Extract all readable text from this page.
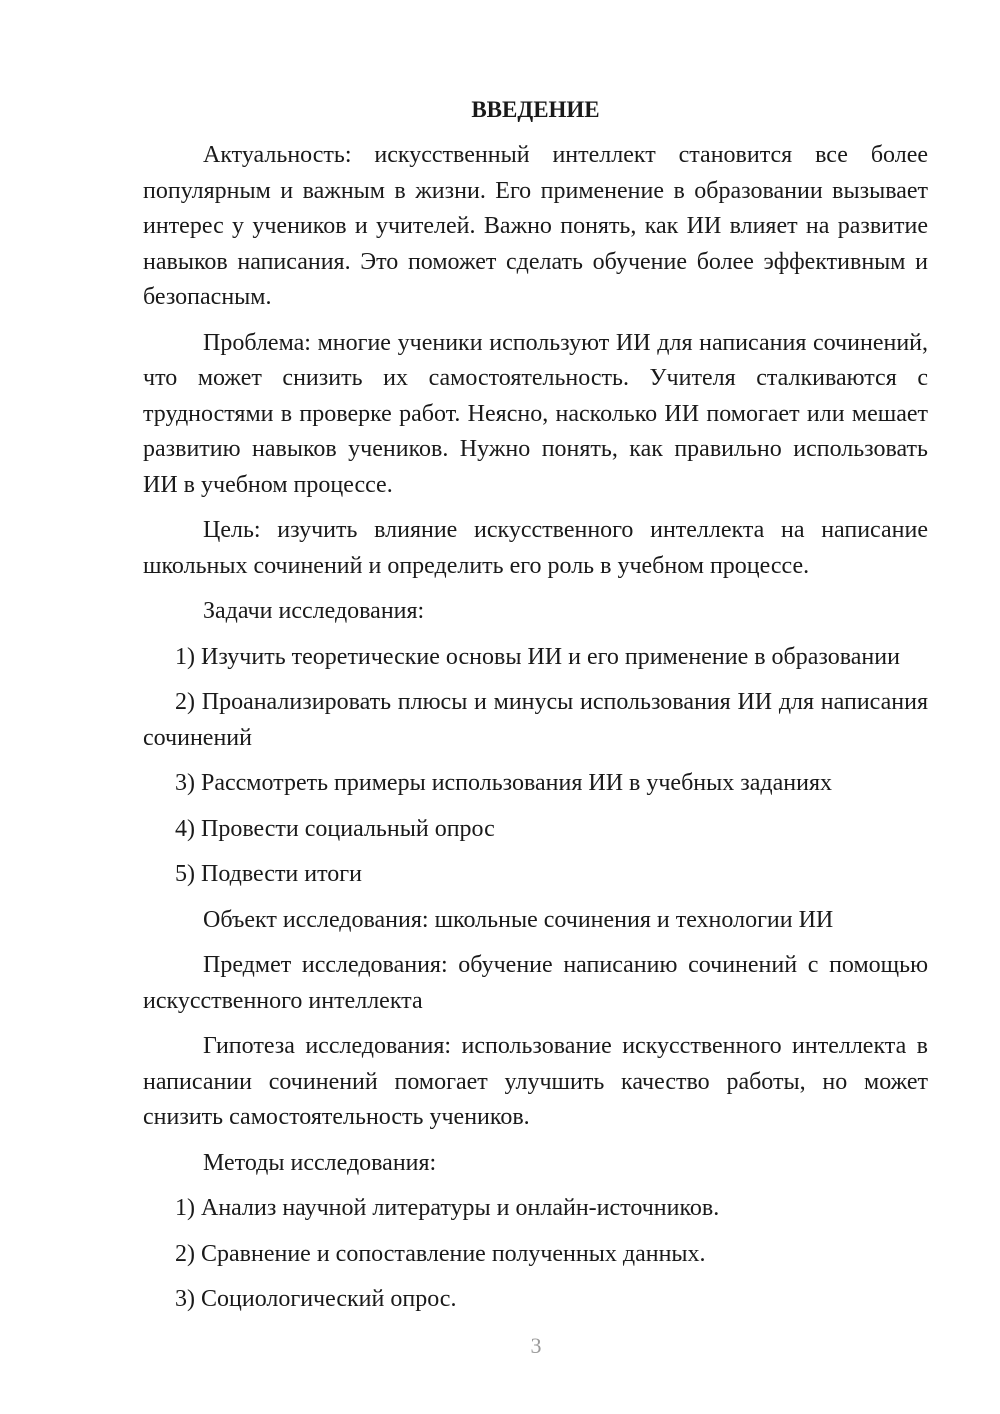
ВВЕДЕНИЕ

Актуальность: искусственный интеллект становится все более популярным и важным в жизни. Его применение в образовании вызывает интерес у учеников и учителей. Важно понять, как ИИ влияет на развитие навыков написания. Это поможет сделать обучение более эффективным и безопасным.

Проблема: многие ученики используют ИИ для написания сочинений, что может снизить их самостоятельность. Учителя сталкиваются с трудностями в проверке работ. Неясно, насколько ИИ помогает или мешает развитию навыков учеников. Нужно понять, как правильно использовать ИИ в учебном процессе.

Цель: изучить влияние искусственного интеллекта на написание школьных сочинений и определить его роль в учебном процессе.

Задачи исследования:

1) Изучить теоретические основы ИИ и его применение в образовании

2) Проанализировать плюсы и минусы использования ИИ для написания сочинений

3) Рассмотреть примеры использования ИИ в учебных заданиях

4) Провести социальный опрос

5) Подвести итоги

Объект исследования: школьные сочинения и технологии ИИ

Предмет исследования: обучение написанию сочинений с помощью искусственного интеллекта

Гипотеза исследования: использование искусственного интеллекта в написании сочинений помогает улучшить качество работы, но может снизить самостоятельность учеников.

Методы исследования:

1) Анализ научной литературы и онлайн-источников.

2) Сравнение и сопоставление полученных данных.

3) Социологический опрос.

3
